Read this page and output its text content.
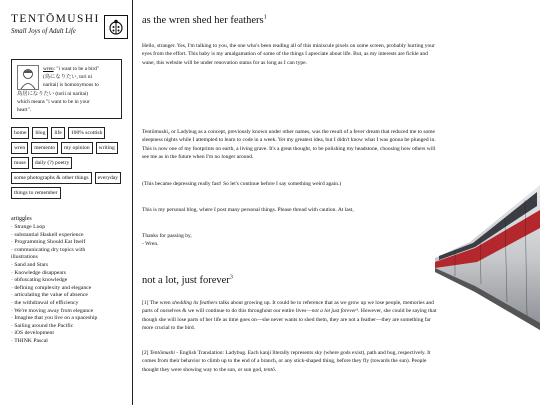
TENTŌMUSHI
Small Joys of Adult Life
wren: "i want to be a bird"
(鳥になりたい, tori ni
naritai) is homonymous to
鳥居になりたい (torii ni naritai)
which means "i want to be in your
heart".
home	blog	life	100% scottish
wren	memento	my opinion	writing
muse	daily (?) poetry
some photographs & other things	everyday
things to remember
artiggles
· Strange Loop
· substantial Haskell experience
· Programming Should Eat Itself
· communicating dry topics with
illustrations
· Sand and Stars
· Knowledge disappears
· obfuscating knowledge
· defining complexity and elegance
· articulating the value of absence
· the withdrawal of efficiency
· We're moving away from elegance
· Imagine that you live on a spaceship
· Sailing around the Pacific
· iOS development
· THINK Pascal
as the wren shed her feathers$^1$

Hello, stranger. Yes, I'm talking to you, the one who's been reading all of this miniscule pixels on some screen, probably hurting your eyes from the effort. This baby is my amalgamation of some of the things I apreciate about life. But, as my interests are fickle and wane, this website will be under renovation status for as long as I can type.

Tentōmushi₂ or Ladybug as a concept, previously known under other names, was the result of a fever dream that reduced me to some sleepness nights while I attempted to learn to code in a week. Yet my greatest idea, but I didn't know what I was gonna be plunged in. This is now one of my footprints on earth, a living grave. It's a great thought, to be polishing my headstone, choosing how others will see me as in the future when I'm no longer around.

(This became depressing really fast! So let's continue before I say something weird again.)

This is my personal blog, where I post many personal things. Please thread with caution. At last,

Thanks for passing by,
- Wren.

not a lot, just forever$^3$

[1] The wren shedding its feathers talks about growing up. It could be to reference that as we grow up we lose people, memories and parts of ourselves & we will continue to do this throughout our entire lives—not a lot just forever³. However, she could be saying that though she will lose parts of her life as time goes on—she never wants to shed them, they are not a feather—they are something far more crucial to the bird.

[2] Tentōmushi - English Translation: Ladybug. Each kanji literally represents sky (where gods exist), path and bug, respectively. It comes from their behavior to climb up to the end of a branch, or any stick-shaped thing, before they fly (towards the sun). People thought they were showing way to the sun, or sun god, tentō.
